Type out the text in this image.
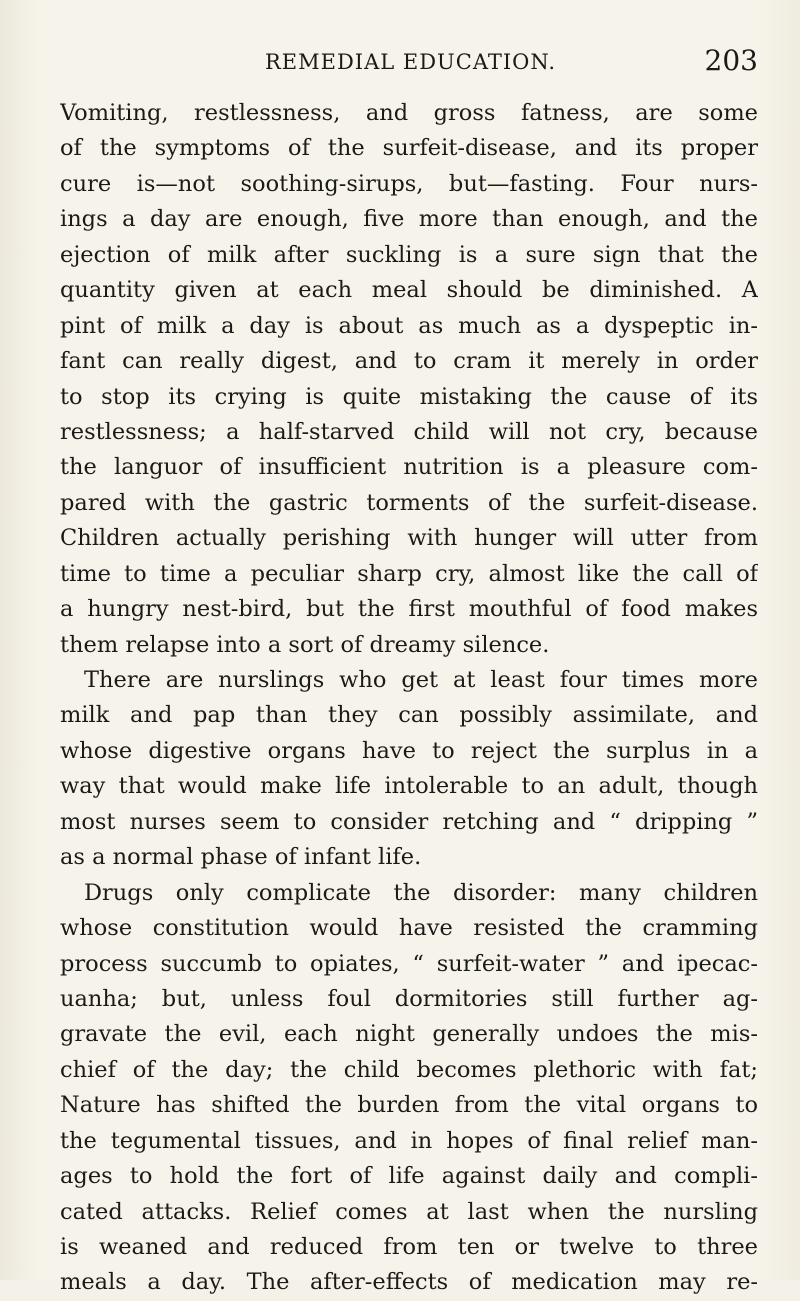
REMEDIAL EDUCATION.	203
Vomiting, restlessness, and gross fatness, are some
of the symptoms of the surfeit-disease, and its proper
cure is—not soothing-sirups, but—fasting. Four nurs-
ings a day are enough, five more than enough, and the
ejection of milk after suckling is a sure sign that the
quantity given at each meal should be diminished. A
pint of milk a day is about as much as a dyspeptic in-
fant can really digest, and to cram it merely in order
to stop its crying is quite mistaking the cause of its
restlessness; a half-starved child will not cry, because
the languor of insufficient nutrition is a pleasure com-
pared with the gastric torments of the surfeit-disease.
Children actually perishing with hunger will utter from
time to time a peculiar sharp cry, almost like the call of
a hungry nest-bird, but the first mouthful of food makes
them relapse into a sort of dreamy silence.
There are nurslings who get at least four times more
milk and pap than they can possibly assimilate, and
whose digestive organs have to reject the surplus in a
way that would make life intolerable to an adult, though
most nurses seem to consider retching and “ dripping ”
as a normal phase of infant life.
Drugs only complicate the disorder: many children
whose constitution would have resisted the cramming
process succumb to opiates, “ surfeit-water ” and ipecac-
uanha; but, unless foul dormitories still further ag-
gravate the evil, each night generally undoes the mis-
chief of the day; the child becomes plethoric with fat;
Nature has shifted the burden from the vital organs to
the tegumental tissues, and in hopes of final relief man-
ages to hold the fort of life against daily and compli-
cated attacks. Relief comes at last when the nursling
is weaned and reduced from ten or twelve to three
meals a day. The after-effects of medication may re-
